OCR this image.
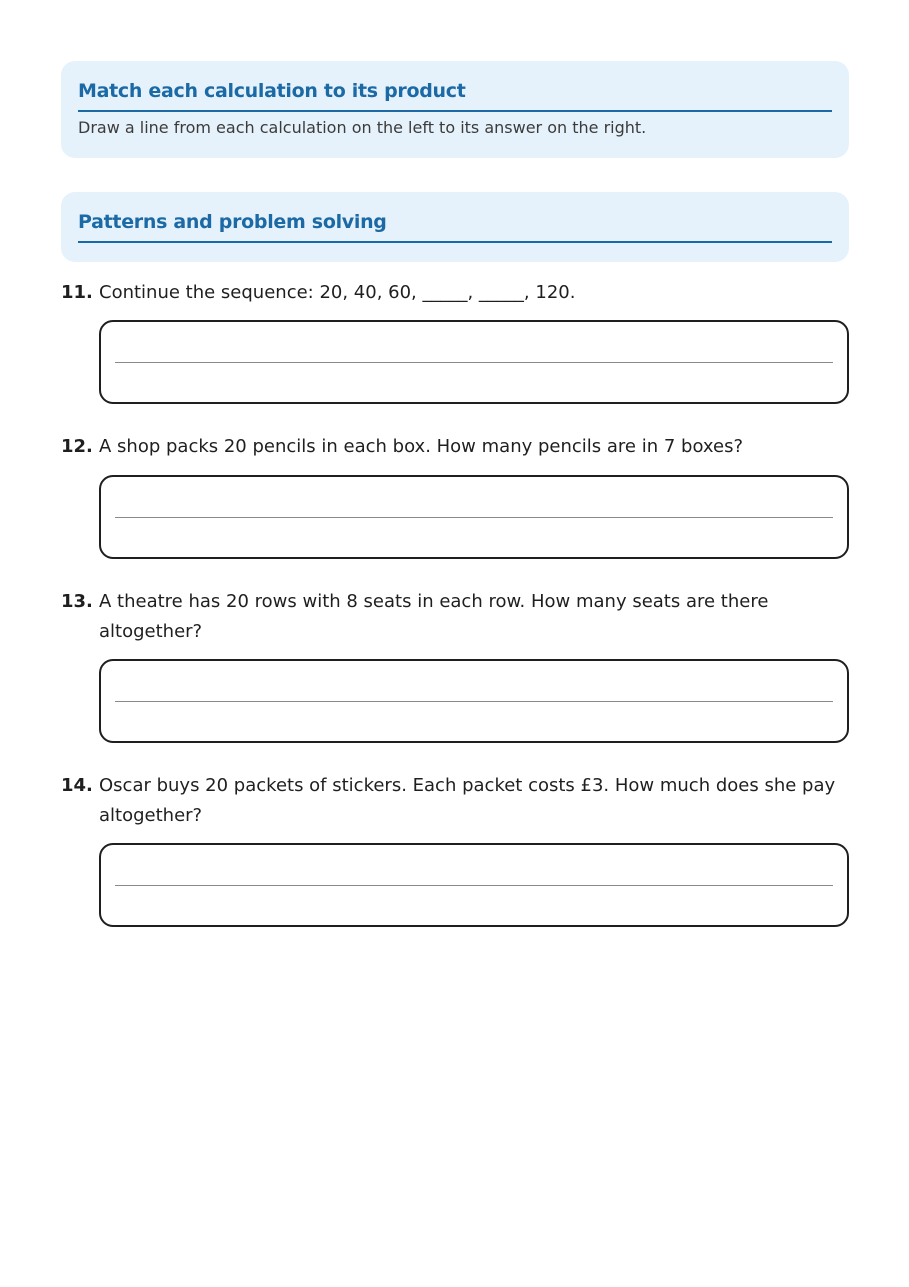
Match each calculation to its product
Draw a line from each calculation on the left to its answer on the right.
Patterns and problem solving
11. Continue the sequence: 20, 40, 60, _____, _____, 120.
12. A shop packs 20 pencils in each box. How many pencils are in 7 boxes?
13. A theatre has 20 rows with 8 seats in each row. How many seats are there altogether?
14. Oscar buys 20 packets of stickers. Each packet costs £3. How much does she pay altogether?
